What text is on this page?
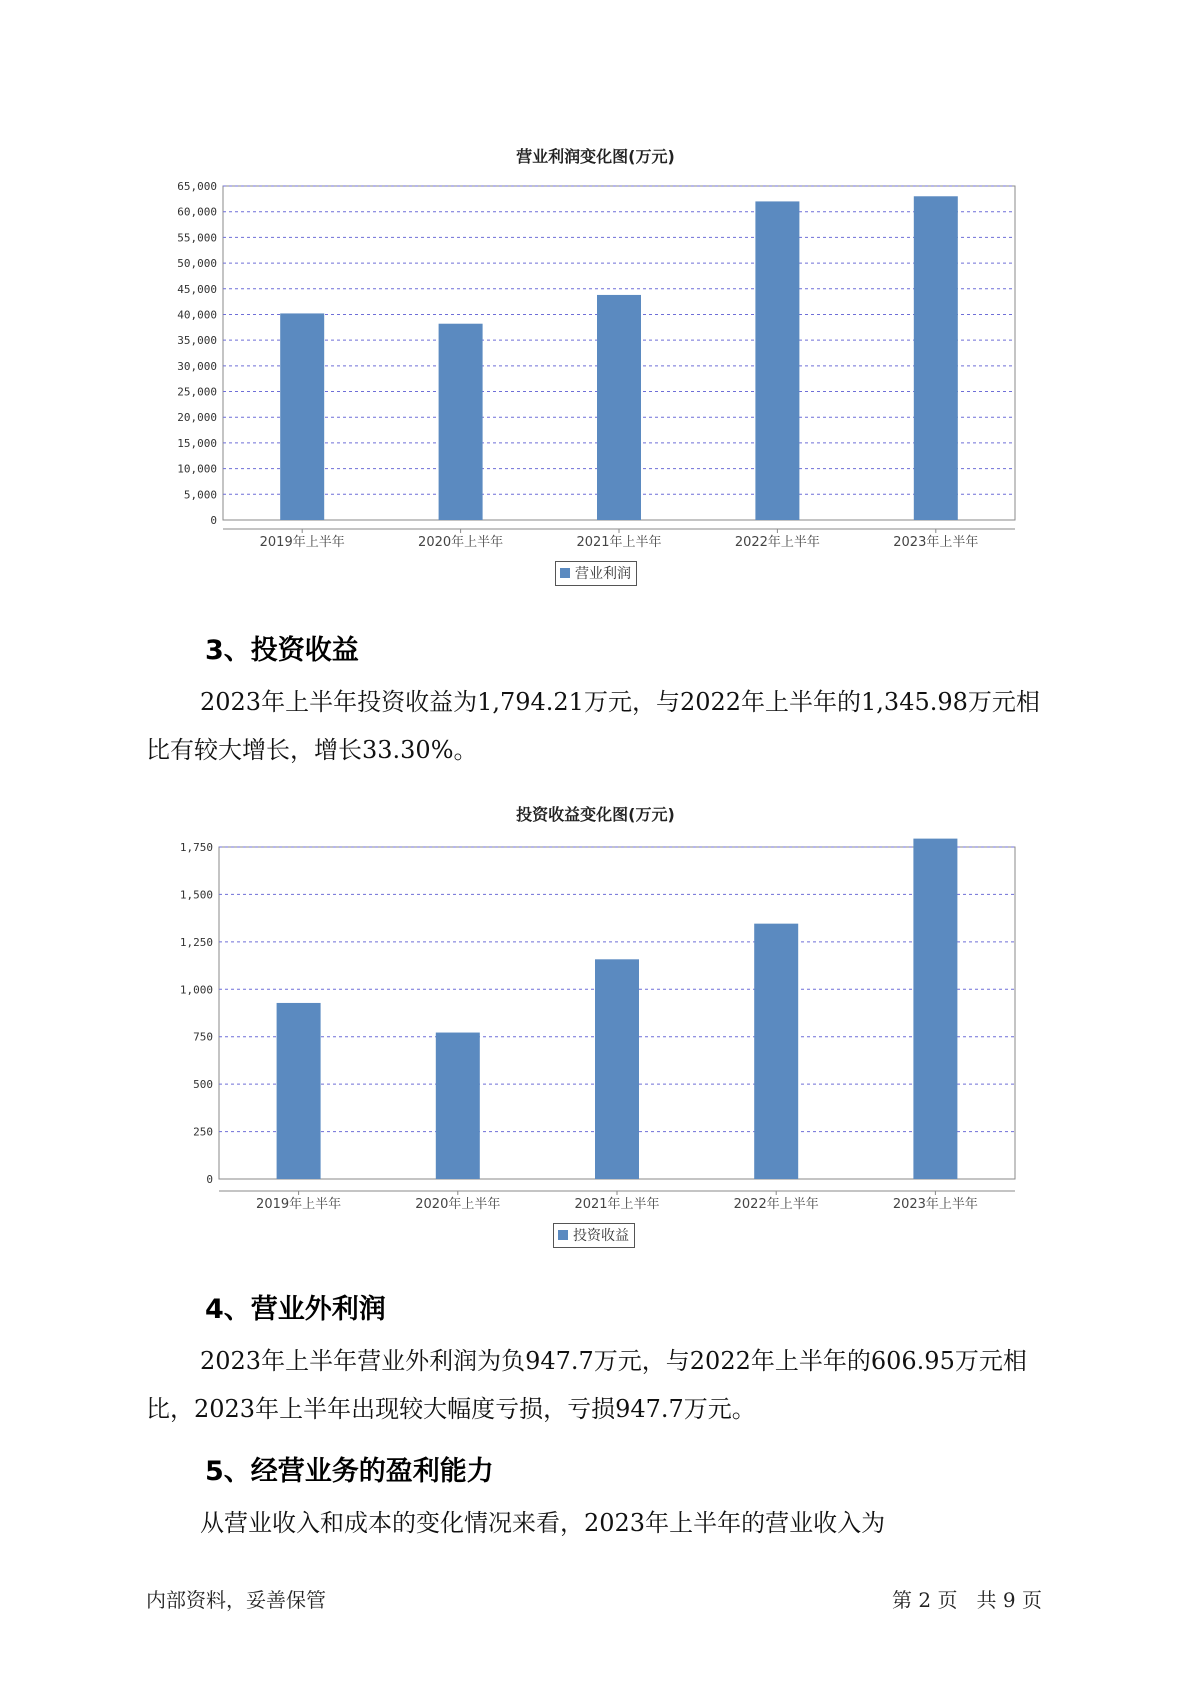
营业利润变化图(万元)
0
5,000
10,000
15,000
20,000
25,000
30,000
35,000
40,000
45,000
50,000
55,000
60,000
65,000
2019年上半年	2020年上半年	2021年上半年	2022年上半年	2023年上半年
营业利润
3、投资收益

2023年上半年投资收益为1,794.21万元，与2022年上半年的1,345.98万元相比有较大增长，增长33.30%。

投资收益变化图(万元)
0
250
500
750
1,000
1,250
1,500
1,750
2019年上半年	2020年上半年	2021年上半年	2022年上半年	2023年上半年
投资收益
4、营业外利润

2023年上半年营业外利润为负947.7万元，与2022年上半年的606.95万元相比，2023年上半年出现较大幅度亏损，亏损947.7万元。

5、经营业务的盈利能力

从营业收入和成本的变化情况来看，2023年上半年的营业收入为

内部资料，妥善保管	第 2 页   共 9 页
